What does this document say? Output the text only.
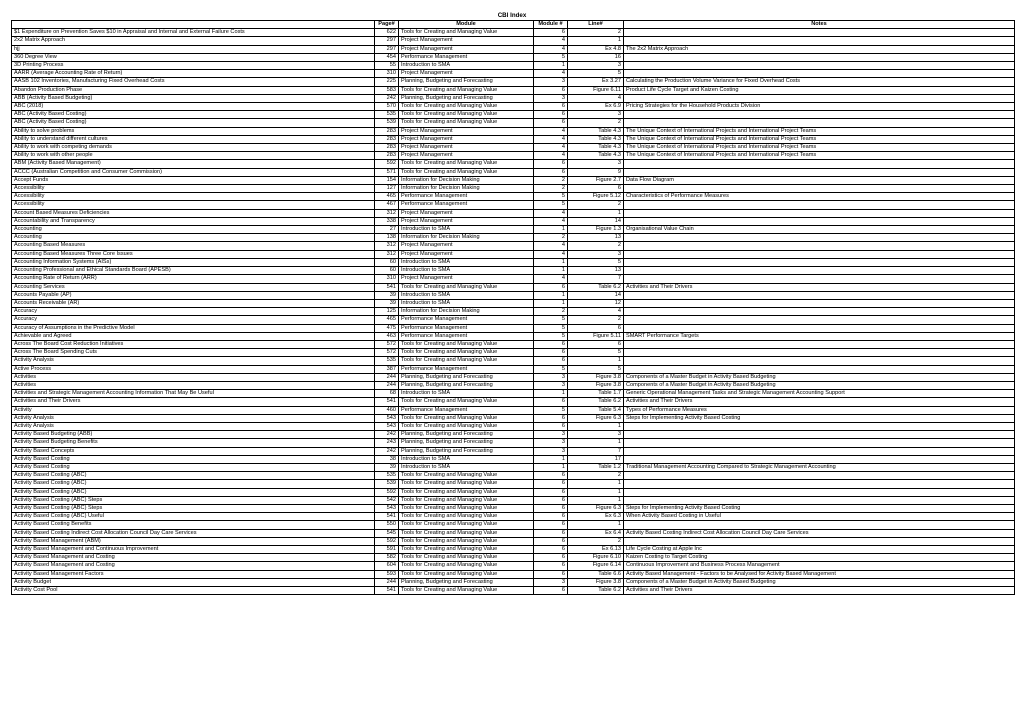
CBI Index
	Page#	Module	Module #	Line#	Notes
$1 Expenditure on Prevention Saves $10 in Appraisal and Internal and External Failure Costs	622	Tools for Creating and Managing Value	6	2	
2x2 Matrix Approach	297	Project Management	4	1	
hjj	297	Project Management	4	Ex 4.8	The 2x2 Matrix Approach
360 Degree View	454	Performance Management	5	16	
3D Printing Process	55	Introduction to SMA	1	3	
AARR (Average Accounting Rate of Return)	310	Project Management	4	5	
AASB 102 Inventories, Manufacturing Fixed Overhead Costs	225	Planning, Budgeting and Forecasting	3	Ex 3.27	Calculating the Production Volume Variance for Fixed Overhead Costs
Abandon Production Phase	583	Tools for Creating and Managing Value	6	Figure 6.11	Product Life Cycle Target and Kaizen Costing
ABB (Activity Based Budgeting)	242	Planning, Budgeting and Forecasting	3	4	
ABC (2018)	570	Tools for Creating and Managing Value	6	Ex 6.9	Pricing Strategies for the Household Products Division
ABC (Activity Based Costing)	535	Tools for Creating and Managing Value	6	3	
ABC (Activity Based Costing)	539	Tools for Creating and Managing Value	6	2	
Ability to solve problems	283	Project Management	4	Table 4.3	The Unique Context of International Projects and International Project Teams
Ability to understand different cultures	283	Project Management	4	Table 4.3	The Unique Context of International Projects and International Project Teams
Ability to work with competing demands	283	Project Management	4	Table 4.3	The Unique Context of International Projects and International Project Teams
Ability to work with other people	283	Project Management	4	Table 4.3	The Unique Context of International Projects and International Project Teams
ABM (Activity Based Management)	592	Tools for Creating and Managing Value	6	3	
ACCC (Australian Competition and Consumer Commission)	571	Tools for Creating and Managing Value	6	9	
Accept Funds	154	Information for Decision Making	2	Figure 2.7	Data Flow Diagram
Accessibility	127	Information for Decision Making	2	6	
Accessibility	465	Performance Management	5	Figure 5.12	Characteristics of Performance Measures
Accessibility	467	Performance Management	5	2	
Account Based Measures Deficiencies	312	Project Management	4	1	
Accountability and Transparency	338	Project Management	4	14	
Accounting	27	Introduction to SMA	1	Figure 1.3	Organisational Value Chain
Accounting	138	Information for Decision Making	2	13	
Accounting Based Measures	312	Project Management	4	2	
Accounting Based Measures Three Core Issues	312	Project Management	4	3	
Accounting Information Systems (AISs)	60	Introduction to SMA	1	5	
Accounting Professional and Ethical Standards Board (APESB)	60	Introduction to SMA	1	13	
Accounting Rate of Return (ARR)	310	Project Management	4	7	
Accounting Services	541	Tools for Creating and Managing Value	6	Table 6.2	Activities and Their Drivers
Accounts Payable (AP)	39	Introduction to SMA	1	14	
Accounts Receivable (AR)	39	Introduction to SMA	1	12	
Accuracy	125	Information for Decision Making	2	4	
Accuracy	465	Performance Management	5	2	
Accuracy of Assumptions in the Predictive Model	475	Performance Management	5	6	
Achievable and Agreed	463	Performance Management	5	Figure 5.11	SMART Performance Targets
Across The Board Cost Reduction Initiatives	572	Tools for Creating and Managing Value	6	6	
Across The Board Spending Cuts	572	Tools for Creating and Managing Value	6	5	
Activity Analysis	535	Tools for Creating and Managing Value	6	1	
Active Process	387	Performance Management	5	5	
Activities	244	Planning, Budgeting and Forecasting	3	Figure 3.8	Components of a Master Budget in Activity Based Budgeting
Activities	244	Planning, Budgeting and Forecasting	3	Figure 3.8	Components of a Master Budget in Activity Based Budgeting
Activities and Strategic Management Accounting Information That May Be Useful	68	Introduction to SMA	1	Table 1.7	Generic Operational Management Tasks and Strategic Management Accounting Support
Activities and Their Drivers	541	Tools for Creating and Managing Value	6	Table 6.2	Activities and Their Drivers
Activity	460	Performance Management	5	Table 5.4	Types of Performance Measures
Activity Analysis	543	Tools for Creating and Managing Value	6	Figure 6.3	Steps for Implementing Activity Based Costing
Activity Analysis	543	Tools for Creating and Managing Value	6	1	
Activity Based Budgeting (ABB)	242	Planning, Budgeting and Forecasting	3	3	
Activity Based Budgeting Benefits	243	Planning, Budgeting and Forecasting	3	1	
Activity Based Concepts	242	Planning, Budgeting and Forecasting	3	7	
Activity Based Costing	38	Introduction to SMA	1	17	
Activity Based Costing	39	Introduction to SMA	1	Table 1.2	Traditional Management Accounting Compared to Strategic Management Accounting
Activity Based Costing (ABC)	535	Tools for Creating and Managing Value	6	2	
Activity Based Costing (ABC)	539	Tools for Creating and Managing Value	6	1	
Activity Based Costing (ABC)	592	Tools for Creating and Managing Value	6	1	
Activity Based Costing (ABC) Steps	542	Tools for Creating and Managing Value	6	1	
Activity Based Costing (ABC) Steps	543	Tools for Creating and Managing Value	6	Figure 6.3	Steps for Implementing Activity Based Costing
Activity Based Costing (ABC) Useful	541	Tools for Creating and Managing Value	6	Ex 6.3	When Activity Based Costing in Useful
Activity Based Costing Benefits	550	Tools for Creating and Managing Value	6	1	
Activity Based Costing Indirect Cost Allocation Council Day Care Services	545	Tools for Creating and Managing Value	6	Ex 6.4	Activity Based Costing Indirect Cost Allocation Council Day Care Services
Activity Based Management (ABM)	592	Tools for Creating and Managing Value	6	2	
Activity Based Management and Continuous Improvement	591	Tools for Creating and Managing Value	6	Ex 6.13	Life Cycle Costing at Apple Inc
Activity Based Management and Costing	582	Tools for Creating and Managing Value	6	Figure 6.10	Kaizen Costing to Target Costing
Activity Based Management and Costing	604	Tools for Creating and Managing Value	6	Figure 6.14	Continuous Improvement and Business Process Management
Activity Based Management Factors	593	Tools for Creating and Managing Value	6	Table 6.6	Activity Based Management - Factors to be Analysed for Activity Based Management
Activity Budget	244	Planning, Budgeting and Forecasting	3	Figure 3.8	Components of a Master Budget in Activity Based Budgeting
Activity Cost Pool	541	Tools for Creating and Managing Value	6	Table 6.2	Activities and Their Drivers
